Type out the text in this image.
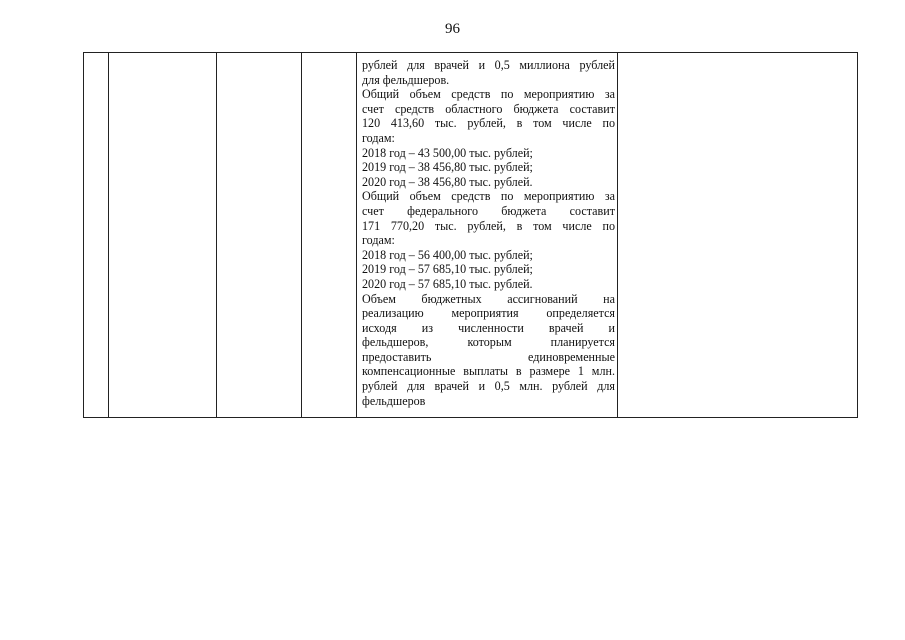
96

рублей для врачей и 0,5 миллиона рублей
для фельдшеров.
Общий объем средств по мероприятию за
счет средств областного бюджета составит
120 413,60 тыс. рублей, в том числе по
годам:
2018 год – 43 500,00 тыс. рублей;
2019 год – 38 456,80 тыс. рублей;
2020 год – 38 456,80 тыс. рублей.
Общий объем средств по мероприятию за
счет федерального бюджета составит
171 770,20 тыс. рублей, в том числе по
годам:
2018 год – 56 400,00 тыс. рублей;
2019 год – 57 685,10 тыс. рублей;
2020 год – 57 685,10 тыс. рублей.
Объем бюджетных ассигнований на
реализацию мероприятия определяется
исходя из численности врачей и
фельдшеров, которым планируется
предоставить единовременные
компенсационные выплаты в размере 1 млн.
рублей для врачей и 0,5 млн. рублей для
фельдшеров
